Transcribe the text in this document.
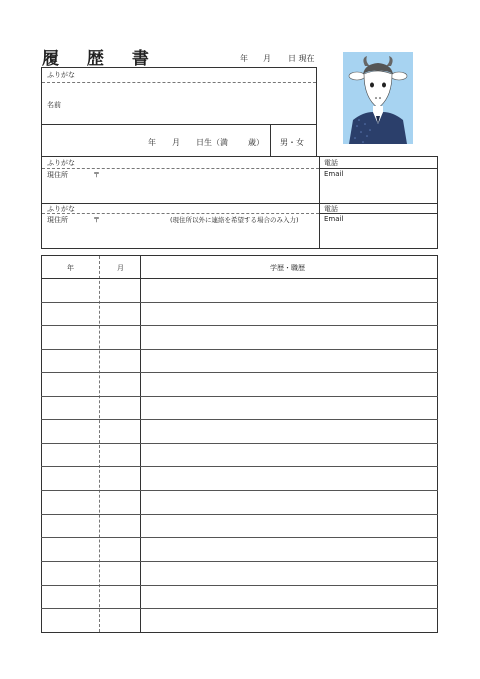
履 歴 書	年 月 日 現在
ふりがな
名前
年 月 日生（満	歳） 男・女
ふりがな
現住所	〒
電話
Email
ふりがな
現住所	〒	(現住所以外に連絡を希望する場合のみ入力)
電話
Email
年	月	学歴・職歴
